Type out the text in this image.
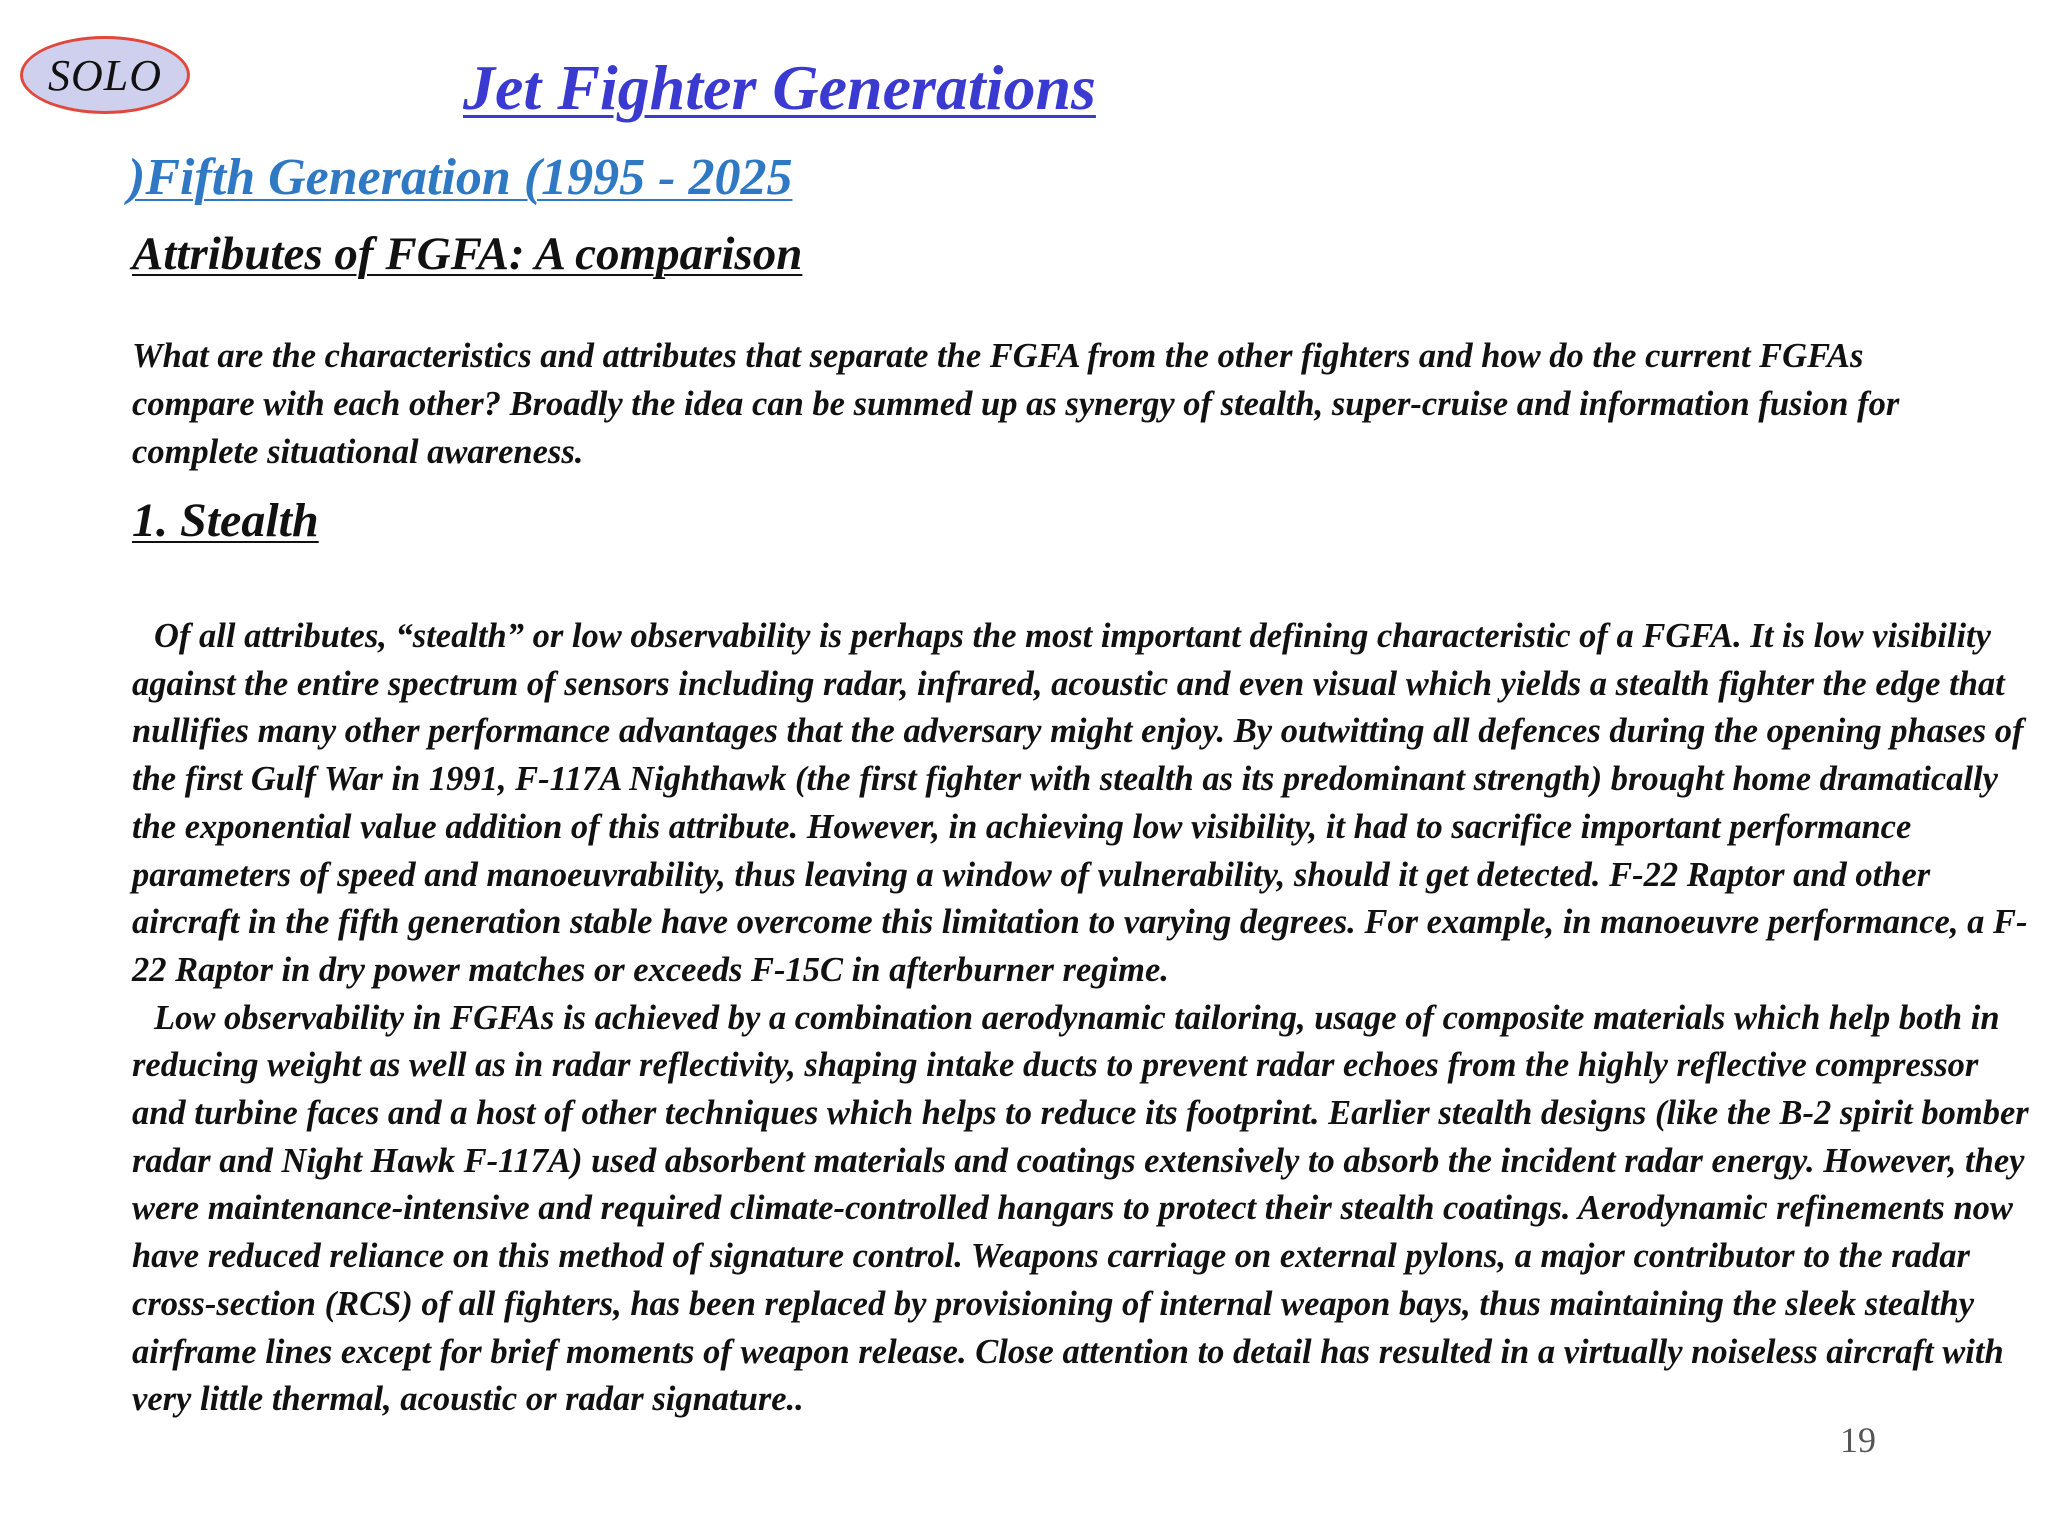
SOLO	Jet Fighter Generations
)Fifth Generation (1995 - 2025
Attributes of FGFA: A comparison

What are the characteristics and attributes that separate the FGFA from the other fighters and how do the current FGFAs compare with each other? Broadly the idea can be summed up as synergy of stealth, super-cruise and information fusion for complete situational awareness.

1. Stealth

Of all attributes, “stealth” or low observability is perhaps the most important defining characteristic of a FGFA. It is low visibility against the entire spectrum of sensors including radar, infrared, acoustic and even visual which yields a stealth fighter the edge that nullifies many other performance advantages that the adversary might enjoy. By outwitting all defences during the opening phases of the first Gulf War in 1991, F-117A Nighthawk (the first fighter with stealth as its predominant strength) brought home dramatically the exponential value addition of this attribute. However, in achieving low visibility, it had to sacrifice important performance parameters of speed and manoeuvrability, thus leaving a window of vulnerability, should it get detected. F-22 Raptor and other aircraft in the fifth generation stable have overcome this limitation to varying degrees. For example, in manoeuvre performance, a F-22 Raptor in dry power matches or exceeds F-15C in afterburner regime.

Low observability in FGFAs is achieved by a combination aerodynamic tailoring, usage of composite materials which help both in reducing weight as well as in radar reflectivity, shaping intake ducts to prevent radar echoes from the highly reflective compressor and turbine faces and a host of other techniques which helps to reduce its footprint. Earlier stealth designs (like the B-2 spirit bomber radar and Night Hawk F-117A) used absorbent materials and coatings extensively to absorb the incident radar energy. However, they were maintenance-intensive and required climate-controlled hangars to protect their stealth coatings. Aerodynamic refinements now have reduced reliance on this method of signature control. Weapons carriage on external pylons, a major contributor to the radar cross-section (RCS) of all fighters, has been replaced by provisioning of internal weapon bays, thus maintaining the sleek stealthy airframe lines except for brief moments of weapon release. Close attention to detail has resulted in a virtually noiseless aircraft with very little thermal, acoustic or radar signature..

19
